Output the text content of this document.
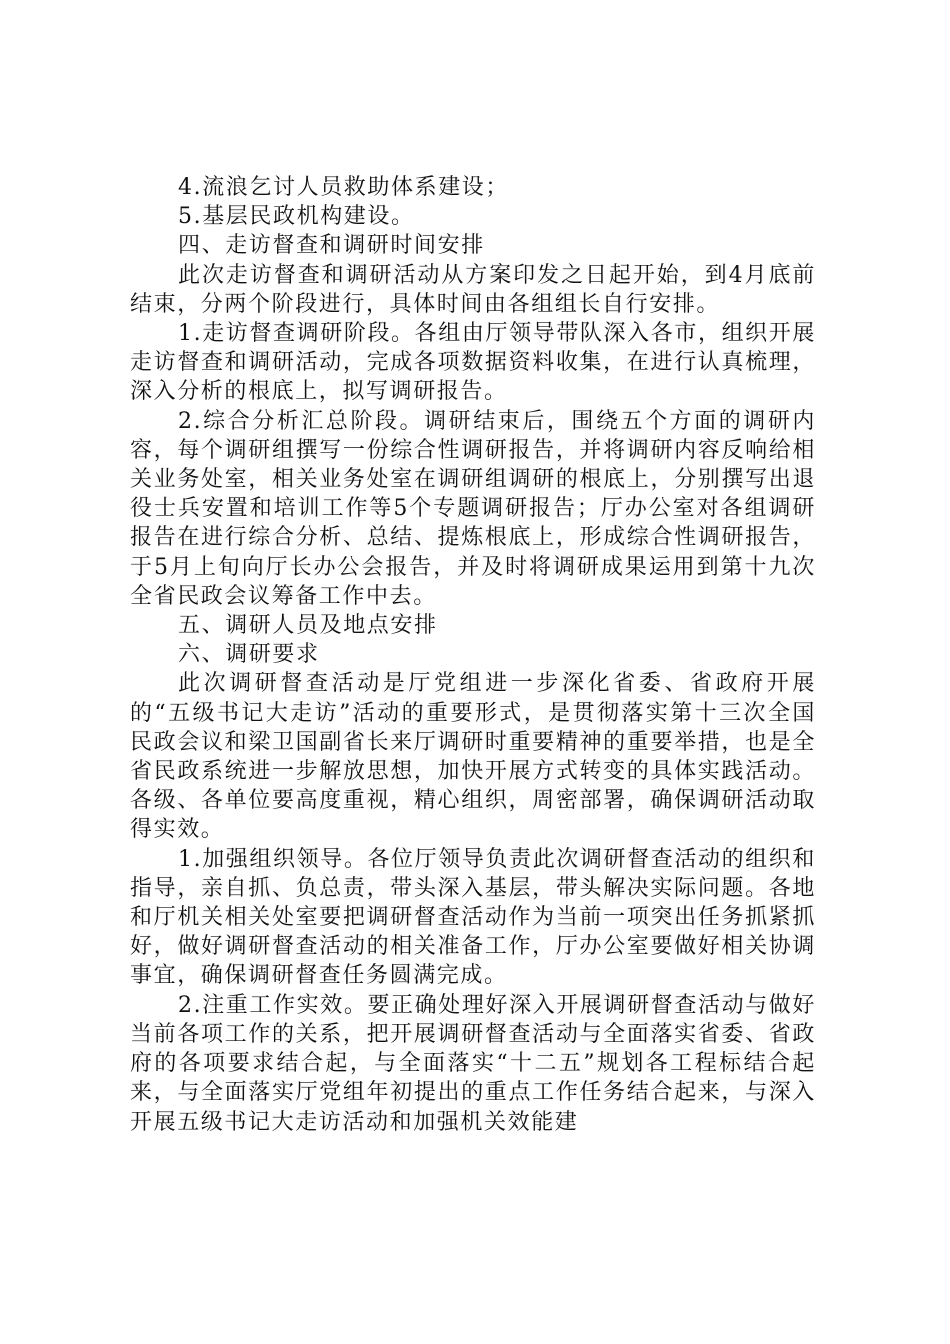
4.流浪乞讨人员救助体系建设；

5.基层民政机构建设。

四、走访督查和调研时间安排

此次走访督查和调研活动从方案印发之日起开始，到4月底前结束，分两个阶段进行，具体时间由各组组长自行安排。

1.走访督查调研阶段。各组由厅领导带队深入各市，组织开展走访督查和调研活动，完成各项数据资料收集，在进行认真梳理，深入分析的根底上，拟写调研报告。

2.综合分析汇总阶段。调研结束后，围绕五个方面的调研内容，每个调研组撰写一份综合性调研报告，并将调研内容反响给相关业务处室，相关业务处室在调研组调研的根底上，分别撰写出退役士兵安置和培训工作等5个专题调研报告；厅办公室对各组调研报告在进行综合分析、总结、提炼根底上，形成综合性调研报告，于5月上旬向厅长办公会报告，并及时将调研成果运用到第十九次全省民政会议筹备工作中去。

五、调研人员及地点安排

六、调研要求

此次调研督查活动是厅党组进一步深化省委、省政府开展的“五级书记大走访”活动的重要形式，是贯彻落实第十三次全国民政会议和梁卫国副省长来厅调研时重要精神的重要举措，也是全省民政系统进一步解放思想，加快开展方式转变的具体实践活动。各级、各单位要高度重视，精心组织，周密部署，确保调研活动取得实效。

1.加强组织领导。各位厅领导负责此次调研督查活动的组织和指导，亲自抓、负总责，带头深入基层，带头解决实际问题。各地和厅机关相关处室要把调研督查活动作为当前一项突出任务抓紧抓好，做好调研督查活动的相关准备工作，厅办公室要做好相关协调事宜，确保调研督查任务圆满完成。

2.注重工作实效。要正确处理好深入开展调研督查活动与做好当前各项工作的关系，把开展调研督查活动与全面落实省委、省政府的各项要求结合起，与全面落实“十二五”规划各工程标结合起来，与全面落实厅党组年初提出的重点工作任务结合起来，与深入开展五级书记大走访活动和加强机关效能建
